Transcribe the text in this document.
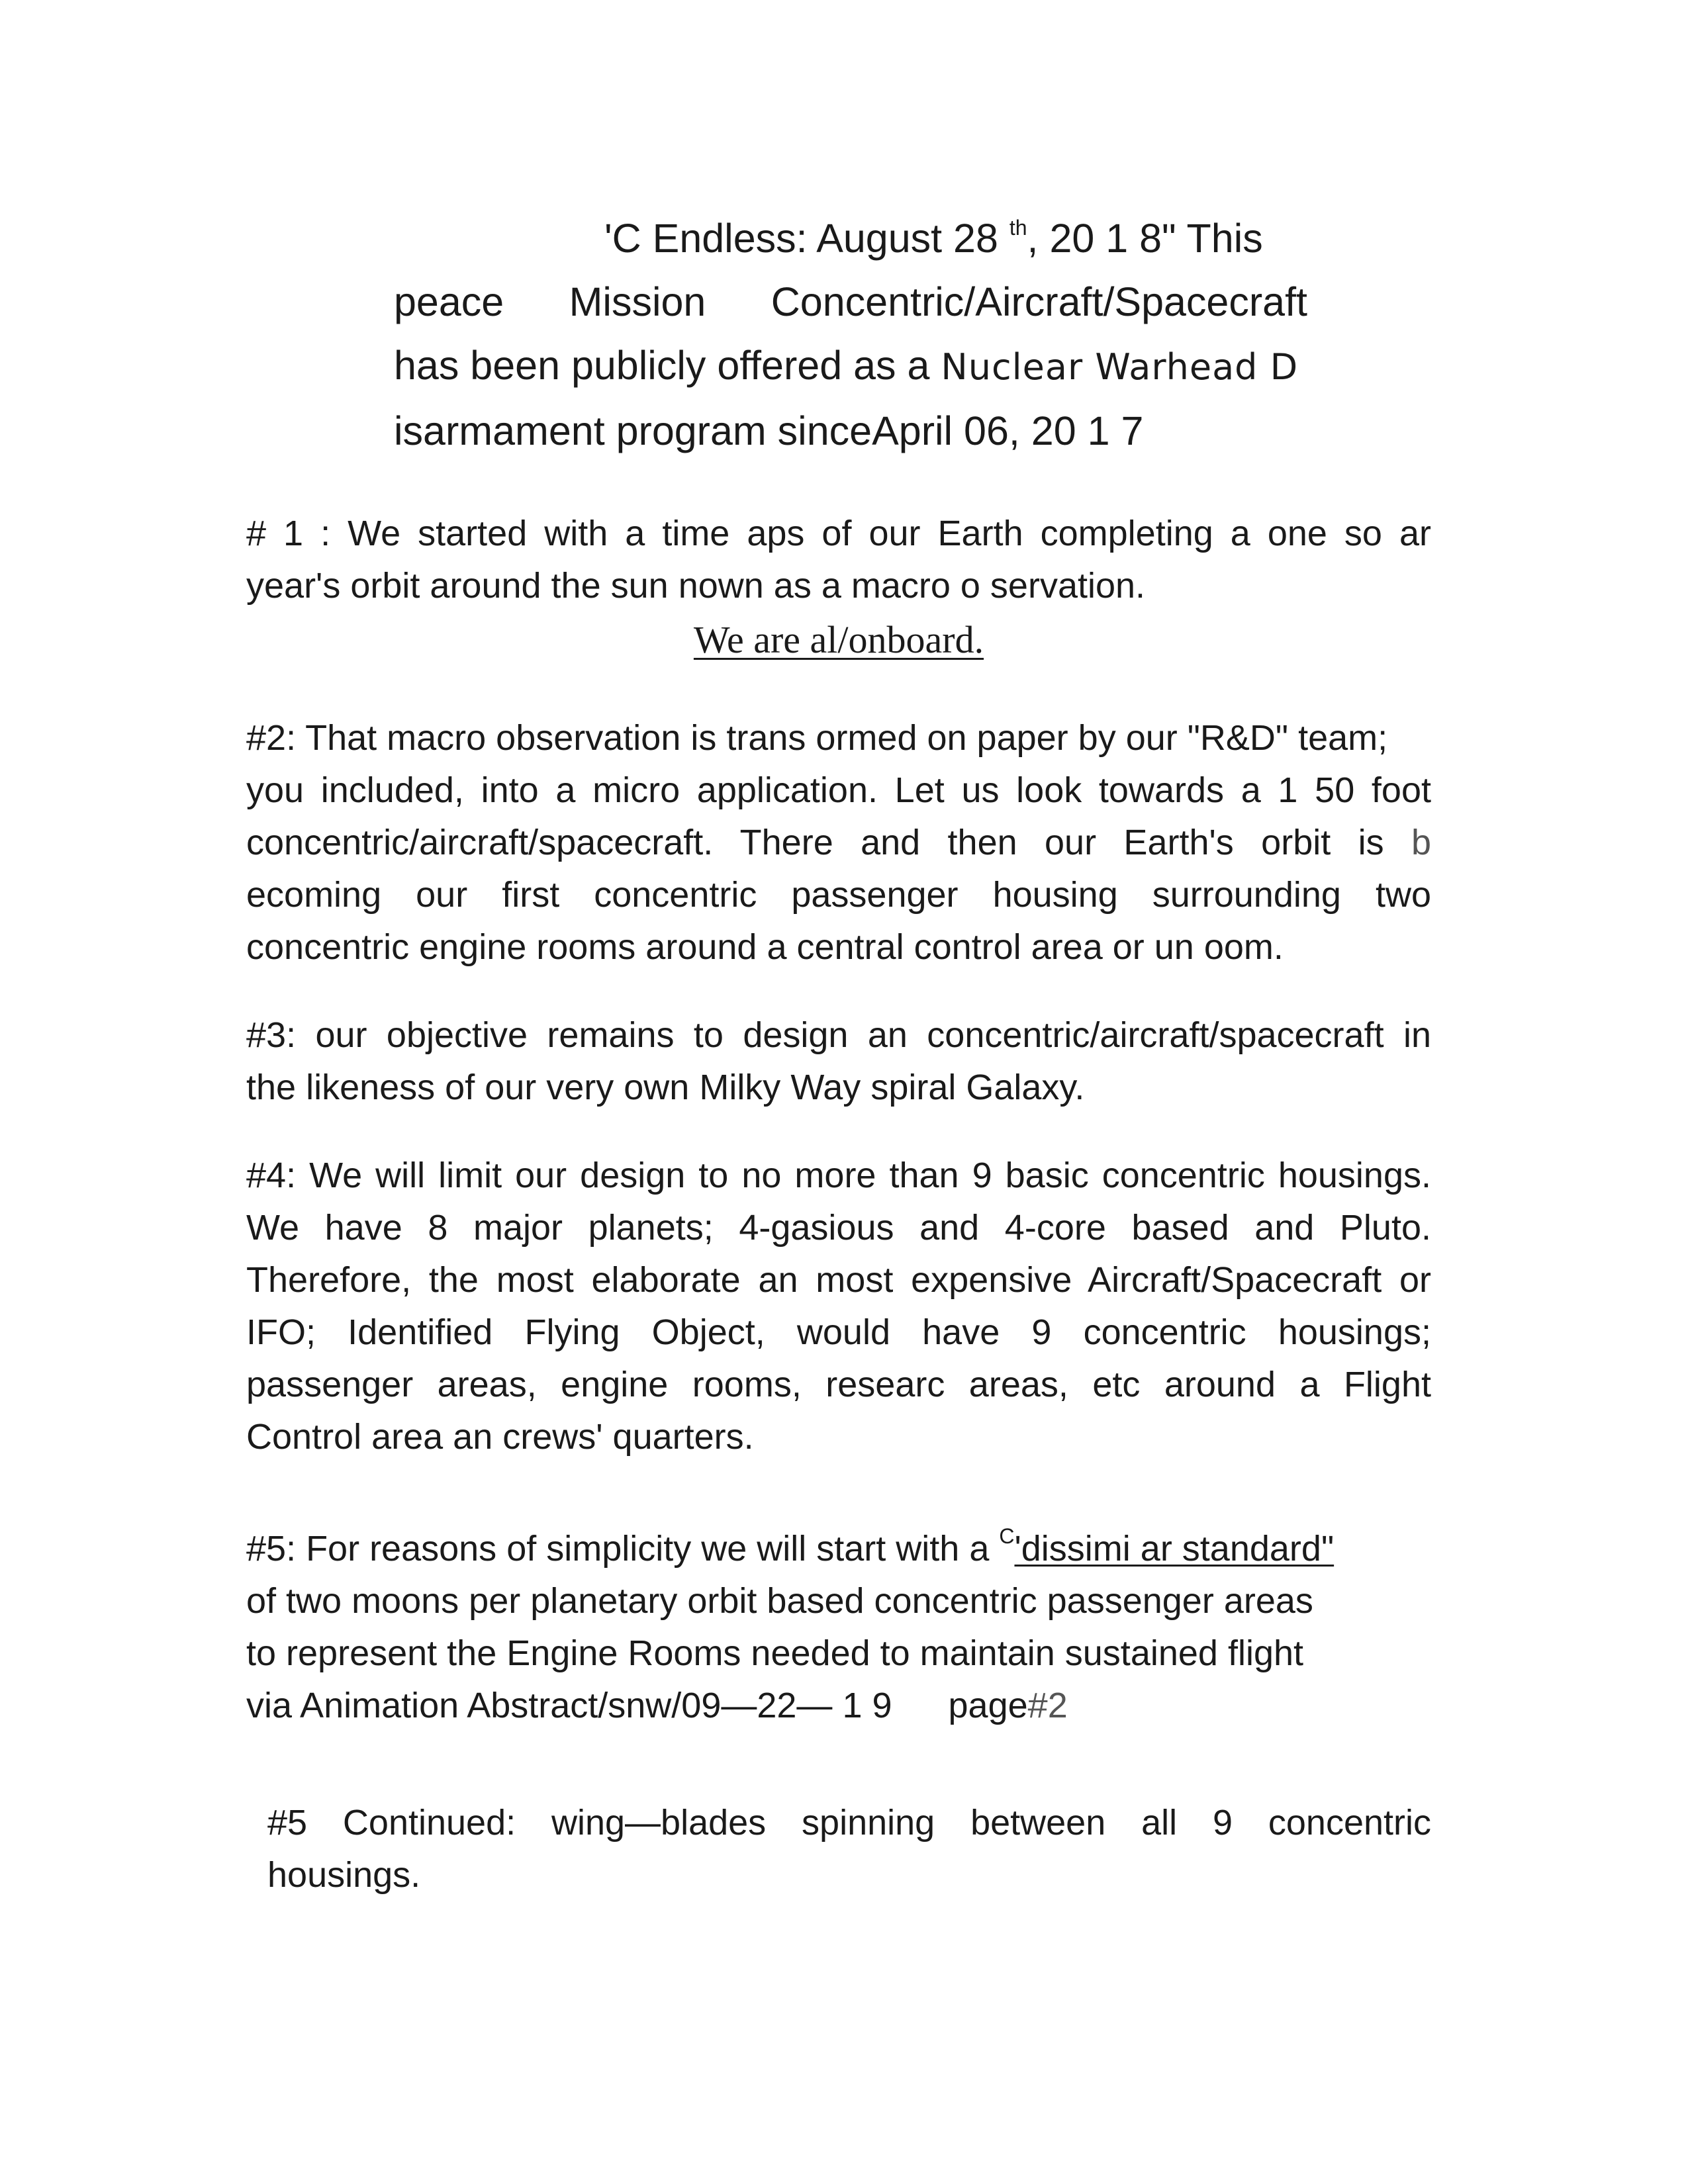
'C Endless: August 28 $^{th}$, 20 1 8" This
peace Mission Concentric/Aircraft/Spacecraft
has been publicly offered as a Nuclear Warhead D
isarmament program sinceApril 06, 20 1 7
# 1 : We started with a time aps of our Earth completing a one so ar
year's orbit around the sun nown as a macro o servation.
We are al/onboard.
#2: That macro observation is trans ormed on paper by our "R&D" team;
you included, into a micro application. Let us look towards a 1 50 foot
concentric/aircraft/spacecraft. There and then our Earth's orbit is b
ecoming our first concentric passenger housing surrounding two
concentric engine rooms around a central control area or un oom.
#3: our objective remains to design an concentric/aircraft/spacecraft in
the likeness of our very own Milky Way spiral Galaxy.
#4: We will limit our design to no more than 9 basic concentric housings.
We have 8 major planets; 4-gasious and 4-core based and Pluto.
Therefore, the most elaborate an most expensive Aircraft/Spacecraft or
IFO; Identified Flying Object, would have 9 concentric housings;
passenger areas, engine rooms, researc areas, etc around a Flight
Control area an crews' quarters.
#5: For reasons of simplicity we will start with a $^C$'dissimi ar standard"
of two moons per planetary orbit based concentric passenger areas
to represent the Engine Rooms needed to maintain sustained flight
via Animation Abstract/snw/09—22— 1 9 page#2
#5 Continued: wing—blades spinning between all 9 concentric
housings.
